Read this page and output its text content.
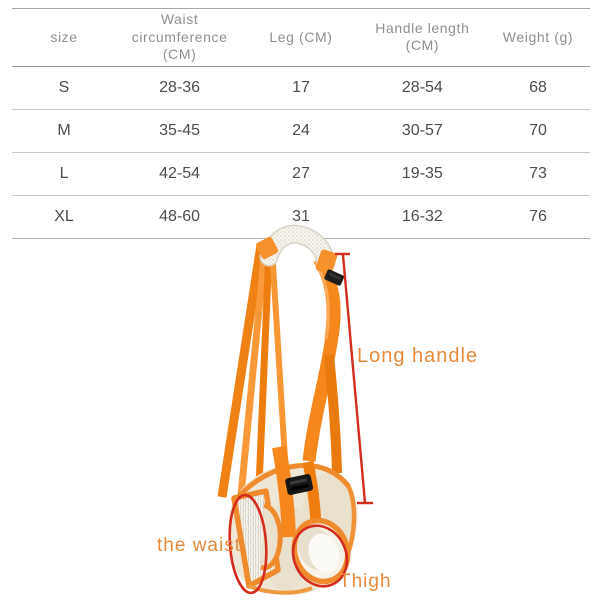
size	Waist circumference (CM)	Leg (CM)	Handle length (CM)	Weight (g)
S	28-36	17	28-54	68
M	35-45	24	30-57	70
L	42-54	27	19-35	73
XL	48-60	31	16-32	76
Long handle
the waist
Thigh
